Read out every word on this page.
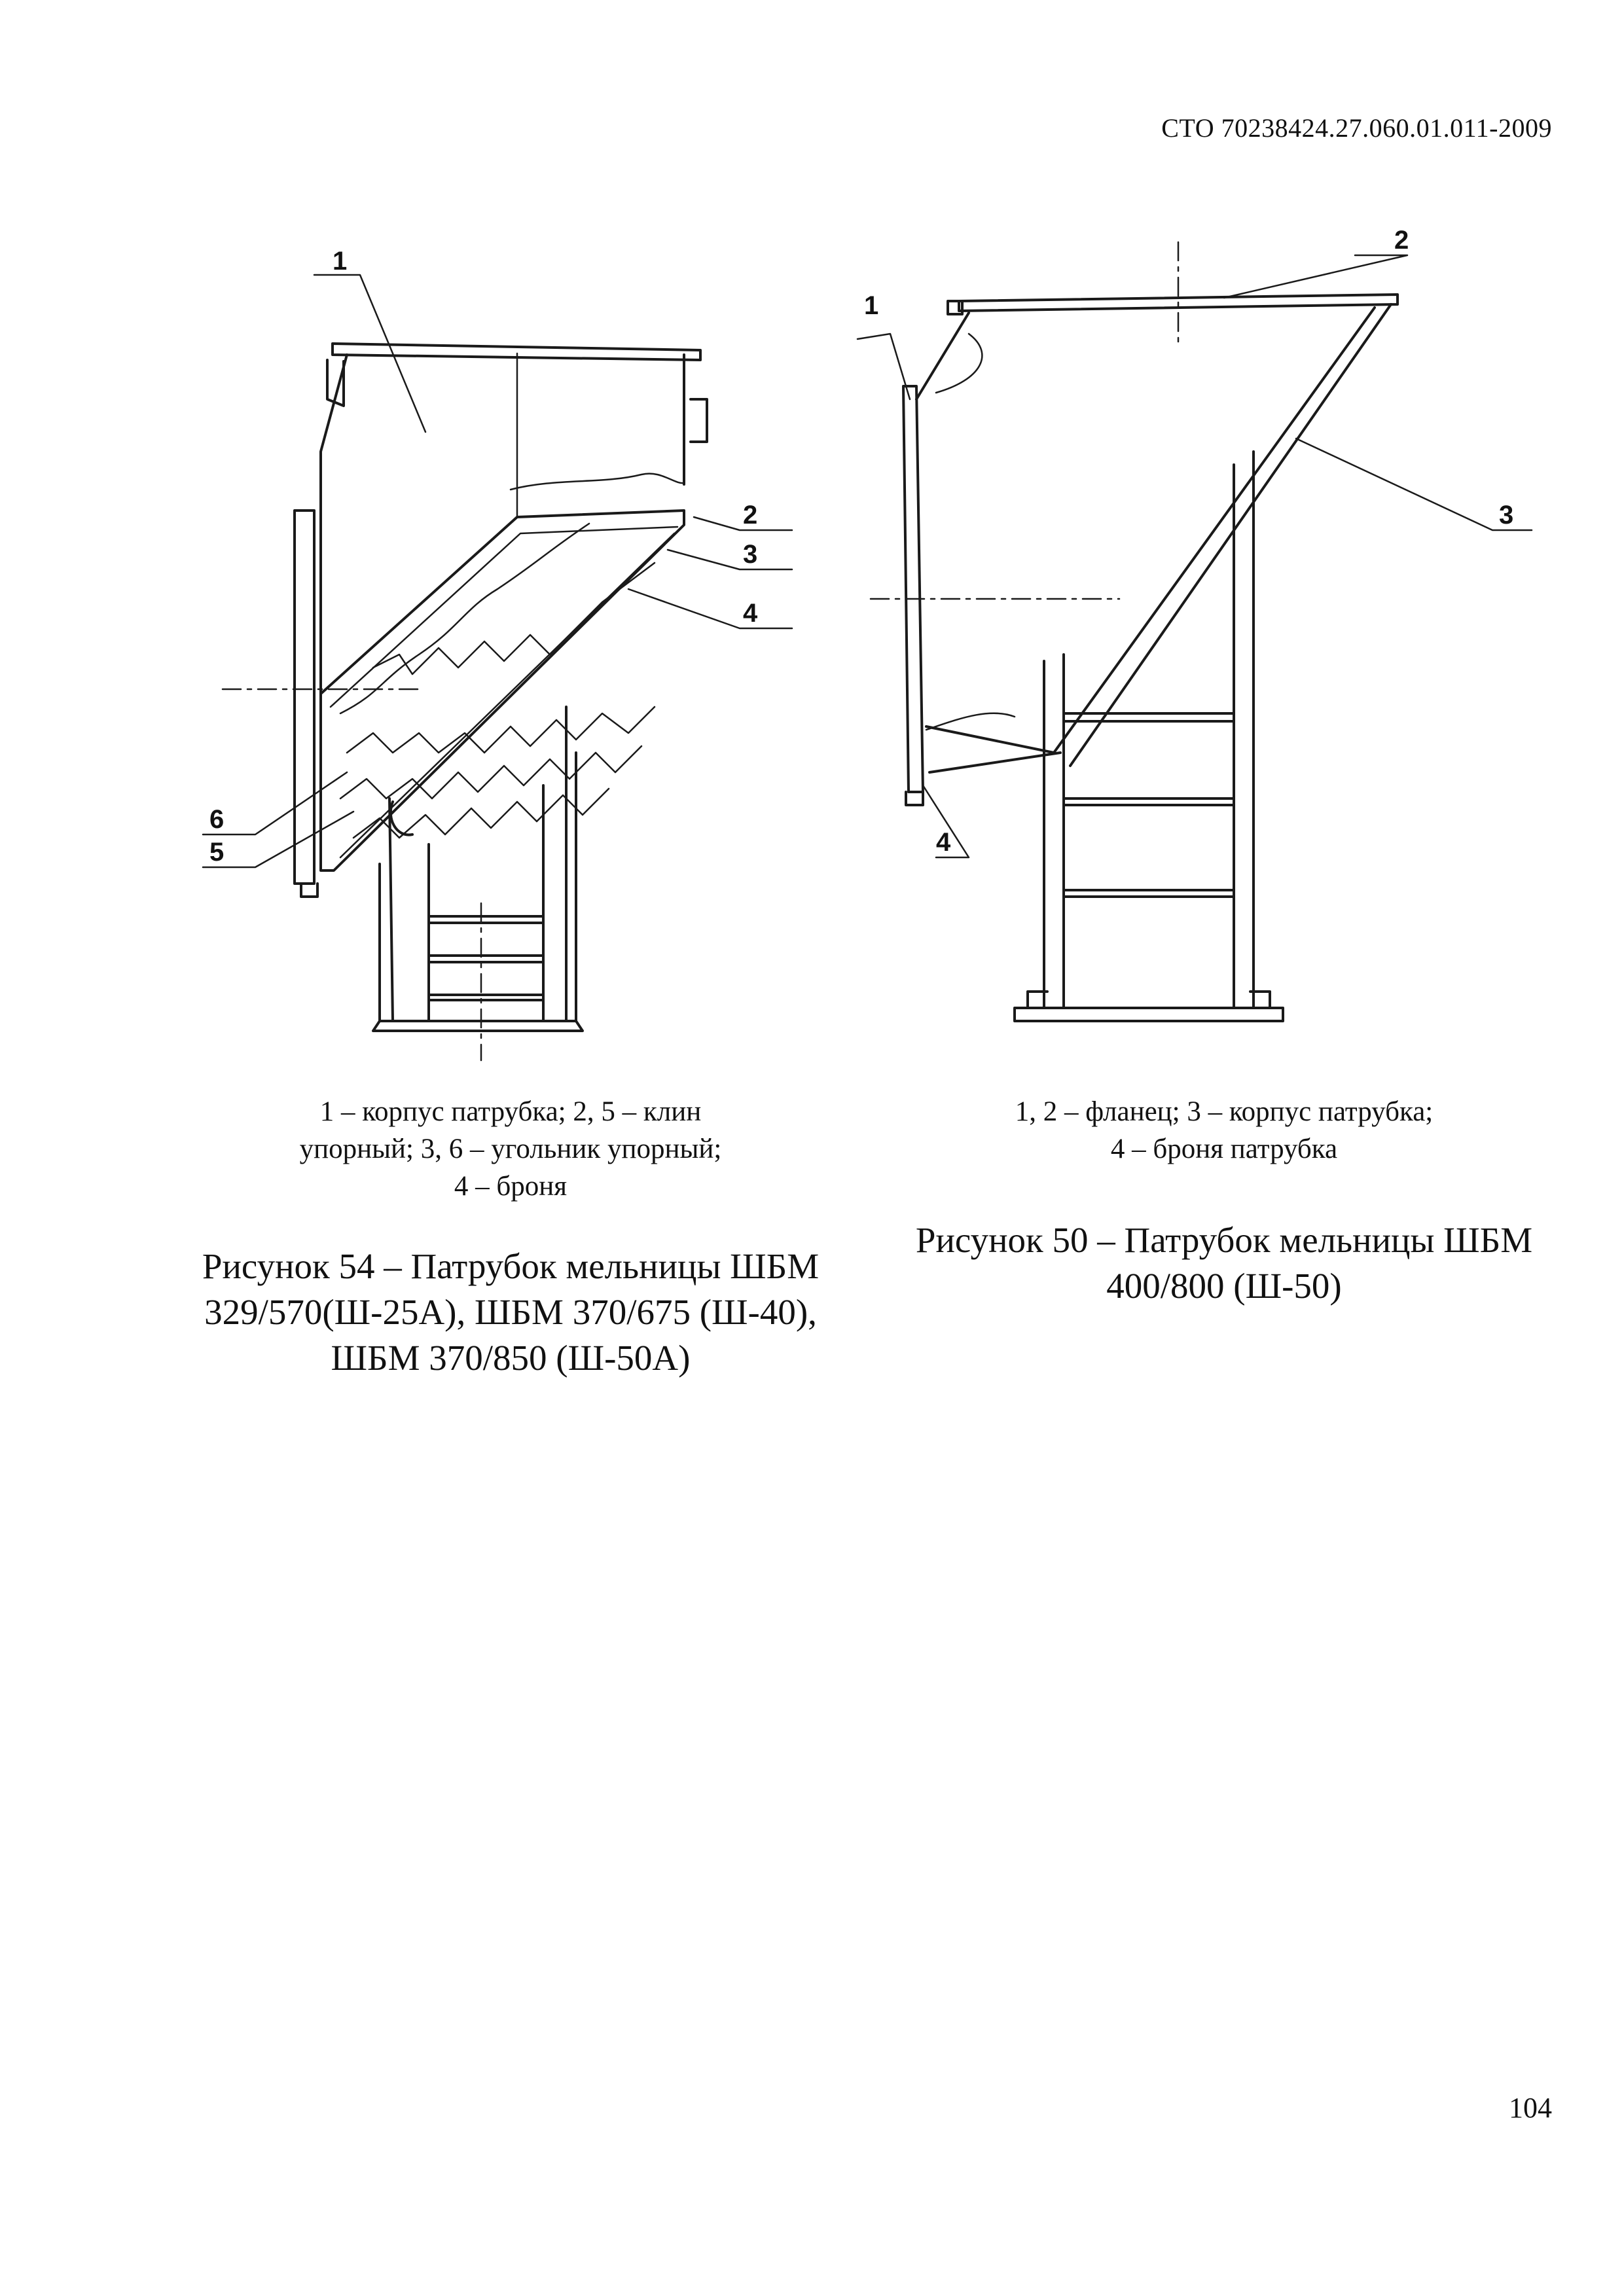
СТО 70238424.27.060.01.011-2009
1
2
3
4
5
6
1
2
3
4
1 – корпус патрубка; 2, 5 – клин
упорный; 3, 6 – угольник упорный;
4 – броня
Рисунок 54 – Патрубок мельницы ШБМ
329/570(Ш-25А), ШБМ 370/675 (Ш-40),
ШБМ 370/850 (Ш-50А)
1, 2 – фланец; 3 – корпус патрубка;
4 – броня патрубка
Рисунок 50 – Патрубок мельницы ШБМ
400/800 (Ш-50)
104
